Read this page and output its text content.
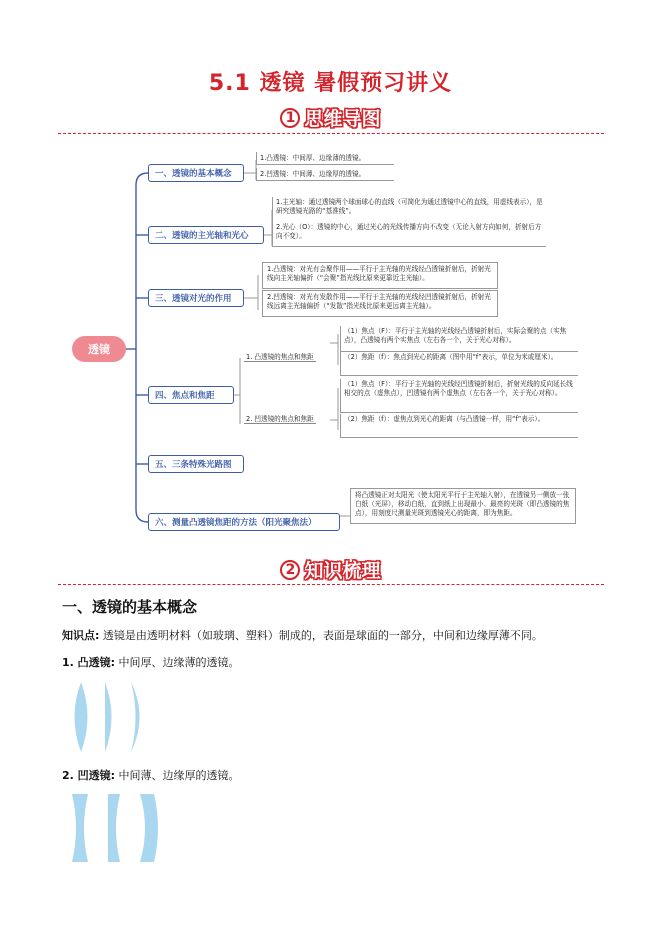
5.1 透镜 暑假预习讲义
1 思维导图
透镜
一、透镜的基本概念
1.凸透镜：中间厚、边缘薄的透镜。
2.凹透镜：中间薄、边缘厚的透镜。
二、透镜的主光轴和光心
1.主光轴：通过透镜两个球面球心的直线（可简化为通过透镜中心的直线，用虚线表示），是研究透镜光路的“基准线”。
2.光心（O）：透镜的中心，通过光心的光线传播方向不改变（无论入射方向如何，折射后方向不变）。
三、透镜对光的作用
1.凸透镜：对光有会聚作用——平行于主光轴的光线经凸透镜折射后，折射光线向主光轴偏折（“会聚”指光线比原来更靠近主光轴）。
2.凹透镜：对光有发散作用——平行于主光轴的光线经凹透镜折射后，折射光线远离主光轴偏折（“发散”指光线比原来更远离主光轴）。
四、焦点和焦距
1. 凸透镜的焦点和焦距
2. 凹透镜的焦点和焦距
（1）焦点（F）：平行于主光轴的光线经凸透镜折射后，实际会聚的点（实焦点），凸透镜有两个实焦点（左右各一个，关于光心对称）。
（2）焦距（f）：焦点到光心的距离（图中用“f”表示，单位为米或厘米）。
（1）焦点（F）：平行于主光轴的光线经凹透镜折射后，折射光线的反向延长线相交的点（虚焦点），凹透镜有两个虚焦点（左右各一个，关于光心对称）。
（2）焦距（f）：虚焦点到光心的距离（与凸透镜一样，用“f”表示）。
五、三条特殊光路图
六、测量凸透镜焦距的方法（阳光聚焦法）
将凸透镜正对太阳光（使太阳光平行于主光轴入射），在透镜另一侧放一张白纸（光屏），移动白纸，直到纸上出现最小、最亮的光斑（即凸透镜的焦点），用刻度尺测量光斑到透镜光心的距离，即为焦距。
2 知识梳理
一、透镜的基本概念
知识点: 透镜是由透明材料（如玻璃、塑料）制成的，表面是球面的一部分，中间和边缘厚薄不同。
1. 凸透镜: 中间厚、边缘薄的透镜。
2. 凹透镜: 中间薄、边缘厚的透镜。
